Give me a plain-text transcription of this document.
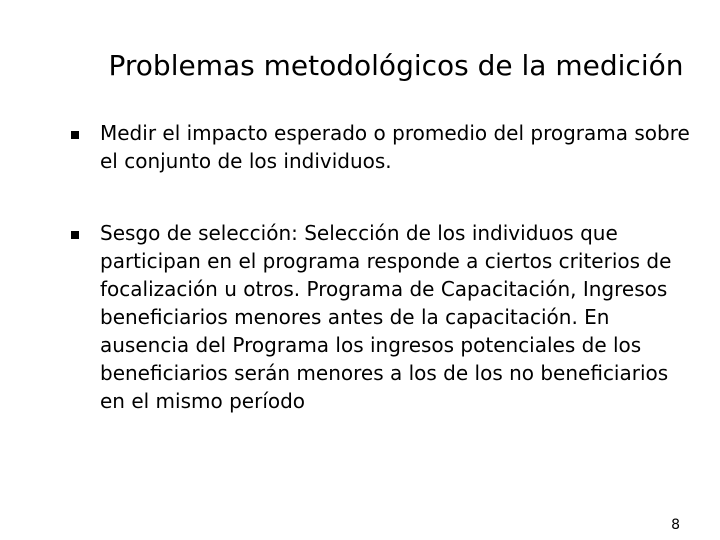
Problemas metodológicos de la medición
Medir el impacto esperado o promedio del programa sobre el conjunto de los individuos.
Sesgo de selección: Selección de los individuos que participan en el programa responde a ciertos criterios de focalización u otros. Programa de Capacitación, Ingresos beneficiarios menores antes de la capacitación. En ausencia del Programa los ingresos potenciales de los beneficiarios serán menores a los de los no beneficiarios en el mismo período
8
